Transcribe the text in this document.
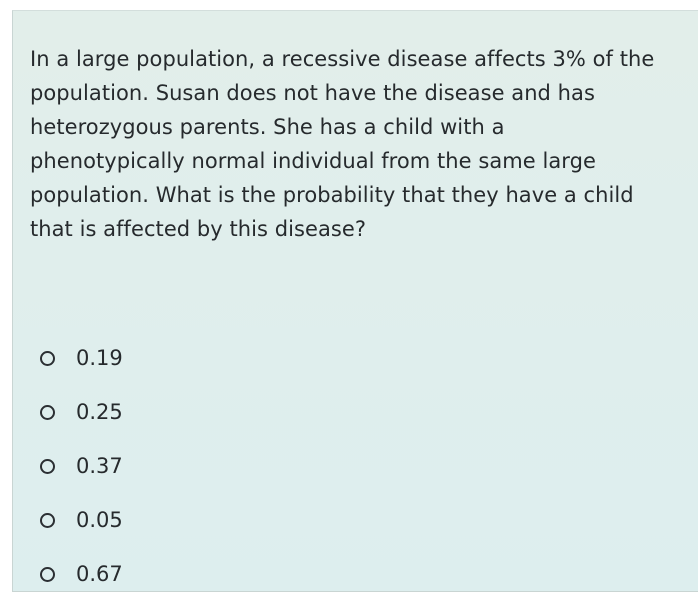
In a large population, a recessive disease affects 3% of the
population. Susan does not have the disease and has
heterozygous parents. She has a child with a
phenotypically normal individual from the same large
population. What is the probability that they have a child
that is affected by this disease?

0.19
0.25
0.37
0.05
0.67
